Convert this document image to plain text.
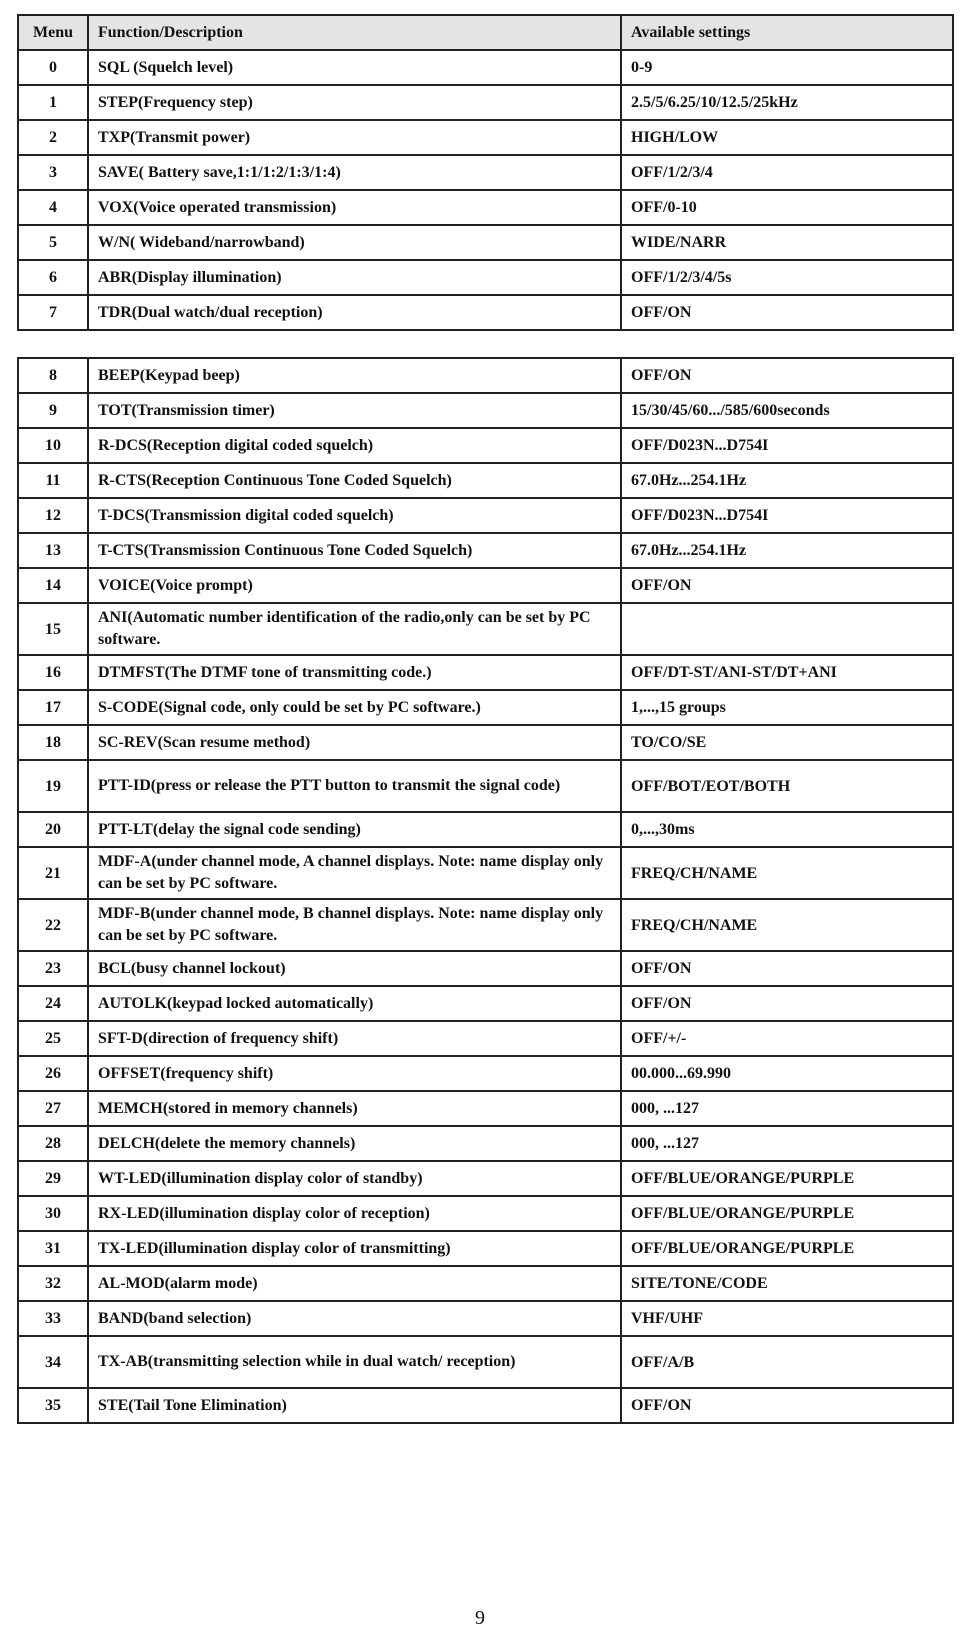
Menu	Function/Description	Available settings
0	SQL (Squelch level)	0-9
1	STEP(Frequency step)	2.5/5/6.25/10/12.5/25kHz
2	TXP(Transmit power)	HIGH/LOW
3	SAVE( Battery save,1:1/1:2/1:3/1:4)	OFF/1/2/3/4
4	VOX(Voice operated transmission)	OFF/0-10
5	W/N( Wideband/narrowband)	WIDE/NARR
6	ABR(Display illumination)	OFF/1/2/3/4/5s
7	TDR(Dual watch/dual reception)	OFF/ON
8	BEEP(Keypad beep)	OFF/ON
9	TOT(Transmission timer)	15/30/45/60.../585/600seconds
10	R-DCS(Reception digital coded squelch)	OFF/D023N...D754I
11	R-CTS(Reception Continuous Tone Coded Squelch)	67.0Hz...254.1Hz
12	T-DCS(Transmission digital coded squelch)	OFF/D023N...D754I
13	T-CTS(Transmission Continuous Tone Coded Squelch)	67.0Hz...254.1Hz
14	VOICE(Voice prompt)	OFF/ON
15	ANI(Automatic number identification of the radio,only can be set by PC software.	
16	DTMFST(The DTMF tone of transmitting code.)	OFF/DT-ST/ANI-ST/DT+ANI
17	S-CODE(Signal code, only could be set by PC software.)	1,...,15 groups
18	SC-REV(Scan resume method)	TO/CO/SE
19	PTT-ID(press or release the PTT button to transmit the signal code)	OFF/BOT/EOT/BOTH
20	PTT-LT(delay the signal code sending)	0,...,30ms
21	MDF-A(under channel mode, A channel displays. Note: name display only can be set by PC software.	FREQ/CH/NAME
22	MDF-B(under channel mode, B channel displays. Note: name display only can be set by PC software.	FREQ/CH/NAME
23	BCL(busy channel lockout)	OFF/ON
24	AUTOLK(keypad locked automatically)	OFF/ON
25	SFT-D(direction of frequency shift)	OFF/+/-
26	OFFSET(frequency shift)	00.000...69.990
27	MEMCH(stored in memory channels)	000, ...127
28	DELCH(delete the memory channels)	000, ...127
29	WT-LED(illumination display color of standby)	OFF/BLUE/ORANGE/PURPLE
30	RX-LED(illumination display color of reception)	OFF/BLUE/ORANGE/PURPLE
31	TX-LED(illumination display color of transmitting)	OFF/BLUE/ORANGE/PURPLE
32	AL-MOD(alarm mode)	SITE/TONE/CODE
33	BAND(band selection)	VHF/UHF
34	TX-AB(transmitting selection while in dual watch/ reception)	OFF/A/B
35	STE(Tail Tone Elimination)	OFF/ON
9
